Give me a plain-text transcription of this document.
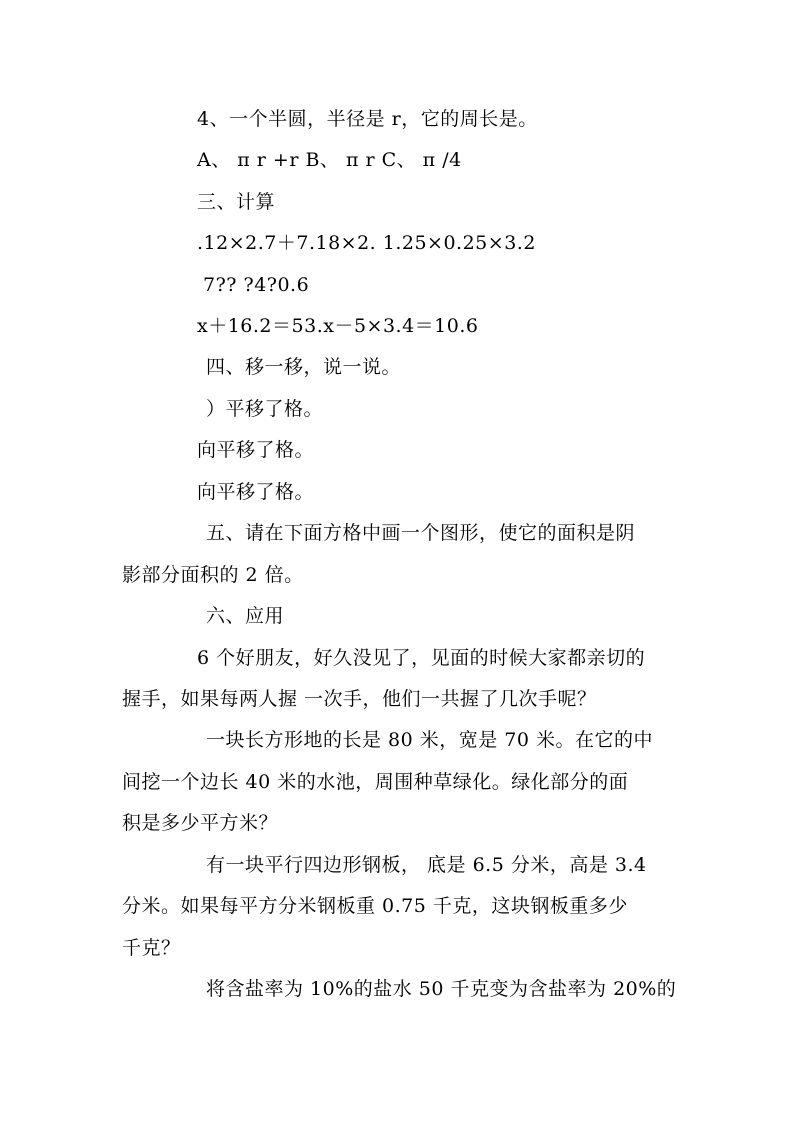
4、一个半圆，半径是 r，它的周长是。
A、 π r +r B、 π r C、 π /4
三、计算
.12×2.7＋7.18×2. 1.25×0.25×3.2
7?? ?4?0.6
x＋16.2＝53.x－5×3.4＝10.6
四、移一移，说一说。
）平移了格。
向平移了格。
向平移了格。
五、请在下面方格中画一个图形，使它的面积是阴
影部分面积的 2 倍。
六、应用
6 个好朋友，好久没见了，见面的时候大家都亲切的
握手，如果每两人握 一次手，他们一共握了几次手呢？
一块长方形地的长是 80 米，宽是 70 米。在它的中
间挖一个边长 40 米的水池，周围种草绿化。绿化部分的面
积是多少平方米？
有一块平行四边形钢板， 底是 6.5 分米，高是 3.4
分米。如果每平方分米钢板重 0.75 千克，这块钢板重多少
千克？
将含盐率为 10%的盐水 50 千克变为含盐率为 20%的
